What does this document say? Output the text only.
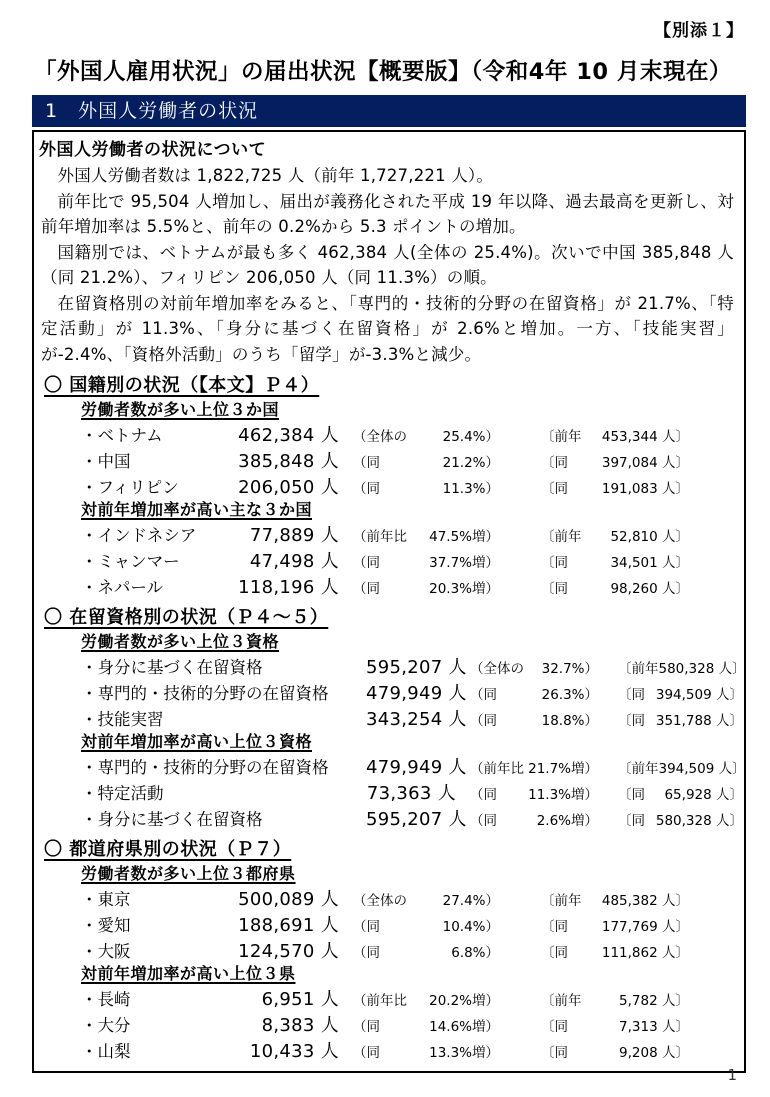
【別添１】
「外国人雇用状況」の届出状況【概要版】（令和4年 10 月末現在）
1　外国人労働者の状況
外国人労働者の状況について

外国人労働者数は 1,822,725 人（前年 1,727,221 人）。

前年比で 95,504 人増加し、届出が義務化された平成 19 年以降、過去最高を更新し、対前年増加率は 5.5%と、前年の 0.2%から 5.3 ポイントの増加。

国籍別では、ベトナムが最も多く 462,384 人(全体の 25.4%)。次いで中国 385,848 人（同 21.2%）、フィリピン 206,050 人（同 11.3%）の順。

在留資格別の対前年増加率をみると、「専門的・技術的分野の在留資格」が 21.7%、「特定活動」が 11.3%、「身分に基づく在留資格」が 2.6%と増加。一方、「技能実習」が-2.4%、「資格外活動」のうち「留学」が-3.3%と減少。

〇 国籍別の状況（【本文】Ｐ４）
労働者数が多い上位３か国
・ベトナム	462,384 人 （全体の	25.4%）	〔前年 453,344 人〕
・中国	385,848 人 （同	21.2%）	〔同	397,084 人〕
・フィリピン	206,050 人 （同	11.3%）	〔同	191,083 人〕
対前年増加率が高い主な３か国
・インドネシア	77,889 人 （前年比 47.5%増）	〔前年 52,810 人〕
・ミャンマー	47,498 人 （同	37.7%増）	〔同	34,501 人〕
・ネパール	118,196 人 （同	20.3%増）	〔同	98,260 人〕
〇 在留資格別の状況（Ｐ４～５）
労働者数が多い上位３資格
・身分に基づく在留資格	595,207 人 （全体の 32.7%） 〔前年 580,328 人〕
・専門的・技術的分野の在留資格	479,949 人 （同	26.3%） 〔同 394,509 人〕
・技能実習	343,254 人 （同	18.8%） 〔同 351,788 人〕
対前年増加率が高い上位３資格
・専門的・技術的分野の在留資格	479,949 人 （前年比 21.7%増） 〔前年 394,509 人〕
・特定活動	73,363 人 （同 11.3%増） 〔同 65,928 人〕
・身分に基づく在留資格	595,207 人 （同	2.6%増） 〔同 580,328 人〕
〇 都道府県別の状況（Ｐ７）
労働者数が多い上位３都府県
・東京	500,089 人 （全体の	27.4%）	〔前年 485,382 人〕
・愛知	188,691 人 （同	10.4%）	〔同	177,769 人〕
・大阪	124,570 人 （同	6.8%）	〔同	111,862 人〕
対前年増加率が高い上位３県
・長崎	6,951 人 （前年比 20.2%増）	〔前年	5,782 人〕
・大分	8,383 人 （同	14.6%増）	〔同	7,313 人〕
・山梨	10,433 人 （同	13.3%増）	〔同	9,208 人〕
1
